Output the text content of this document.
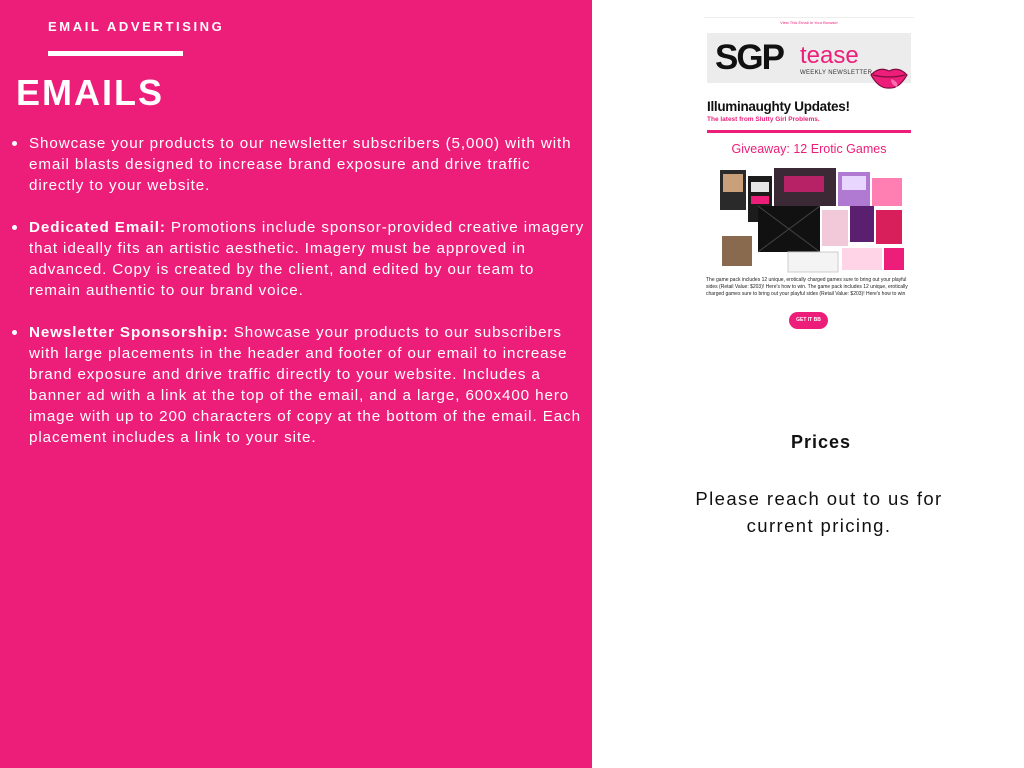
EMAIL ADVERTISING
EMAILS
Showcase your products to our newsletter subscribers (5,000) with with email blasts designed to increase brand exposure and drive traffic directly to your website.
Dedicated Email: Promotions include sponsor-provided creative imagery that ideally fits an artistic aesthetic. Imagery must be approved in advanced. Copy is created by the client, and edited by our team to remain authentic to our brand voice.
Newsletter Sponsorship: Showcase your products to our subscribers with large placements in the header and footer of our email to increase brand exposure and drive traffic directly to your website. Includes a banner ad with a link at the top of the email, and a large, 600x400 hero image with up to 200 characters of copy at the bottom of the email. Each placement includes a link to your site.
View This Email In Your Browser
SGP tease
WEEKLY NEWSLETTER
Illuminaughty Updates!
The latest from Slutty Girl Problems.
Giveaway: 12 Erotic Games
The game pack includes 12 unique, erotically charged games sure to bring out your playful sides (Retail Value: $203)! Here's how to win. The game pack includes 12 unique, erotically charged games sure to bring out your playful sides (Retail Value: $203)! Here's how to win
GET IT BB
Prices
Please reach out to us for current pricing.
